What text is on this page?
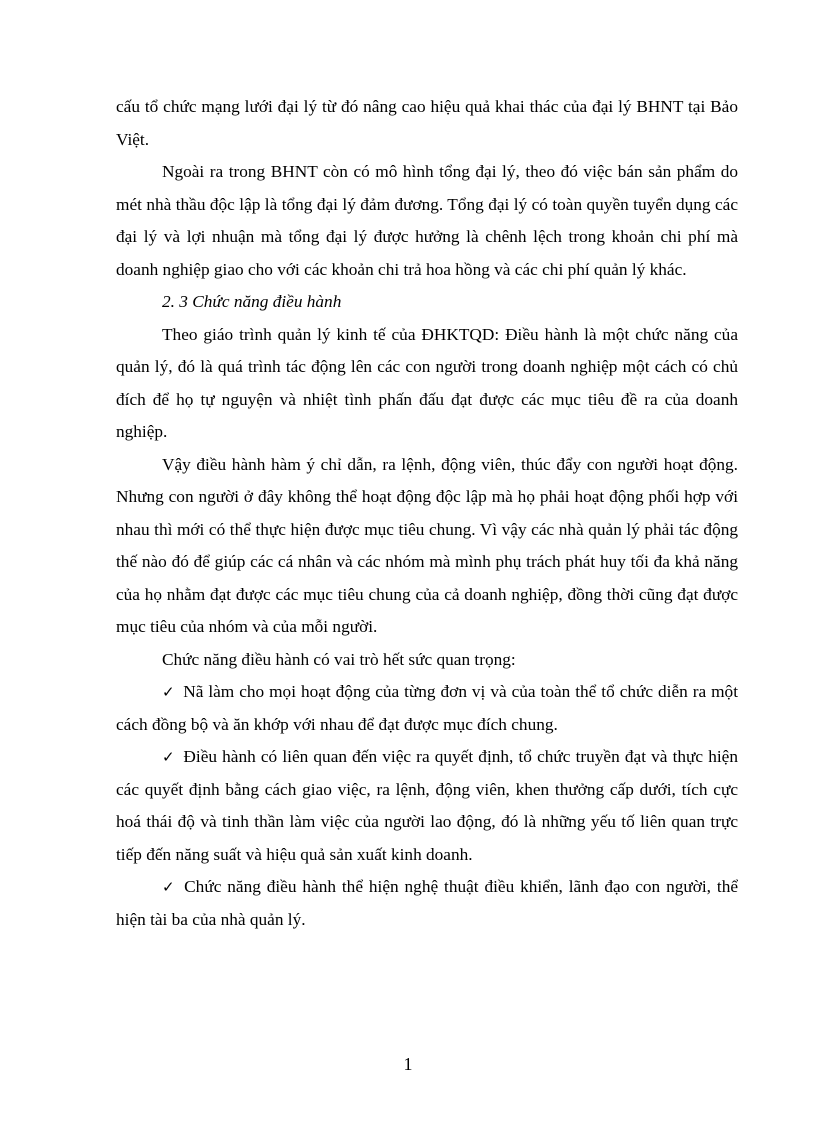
cấu tổ chức mạng lưới đại lý từ đó nâng cao hiệu quả khai thác của đại lý BHNT tại Bảo Việt.

Ngoài ra trong BHNT còn có mô hình tổng đại lý, theo đó việc bán sản phẩm do mét nhà thầu độc lập là tổng đại lý đảm đương. Tổng đại lý có toàn quyền tuyển dụng các đại lý và lợi nhuận mà tổng đại lý được hưởng là chênh lệch trong khoản chi phí mà doanh nghiệp giao cho với các khoản chi trả hoa hồng và các chi phí quản lý khác.

2. 3 Chức năng điều hành

Theo giáo trình quản lý kinh tế của ĐHKTQD: Điều hành là một chức năng của quản lý, đó là quá trình tác động lên các con người trong doanh nghiệp một cách có chủ đích để họ tự nguyện và nhiệt tình phấn đấu đạt được các mục tiêu đề ra của doanh nghiệp.

Vậy điều hành hàm ý chỉ dẫn, ra lệnh, động viên, thúc đẩy con người hoạt động. Nhưng con người ở đây không thể hoạt động độc lập mà họ phải hoạt động phối hợp với nhau thì mới có thể thực hiện được mục tiêu chung. Vì vậy các nhà quản lý phải tác động thế nào đó để giúp các cá nhân và các nhóm mà mình phụ trách phát huy tối đa khả năng của họ nhằm đạt được các mục tiêu chung của cả doanh nghiệp, đồng thời cũng đạt được mục tiêu của nhóm và của mỗi người.

Chức năng điều hành có vai trò hết sức quan trọng:

✓ Nã làm cho mọi hoạt động của từng đơn vị và của toàn thể tổ chức diễn ra một cách đồng bộ và ăn khớp với nhau để đạt được mục đích chung.

✓ Điều hành có liên quan đến việc ra quyết định, tổ chức truyền đạt và thực hiện các quyết định bằng cách giao việc, ra lệnh, động viên, khen thưởng cấp dưới, tích cực hoá thái độ và tinh thần làm việc của người lao động, đó là những yếu tố liên quan trực tiếp đến năng suất và hiệu quả sản xuất kinh doanh.

✓ Chức năng điều hành thể hiện nghệ thuật điều khiển, lãnh đạo con người, thể hiện tài ba của nhà quản lý.

1
